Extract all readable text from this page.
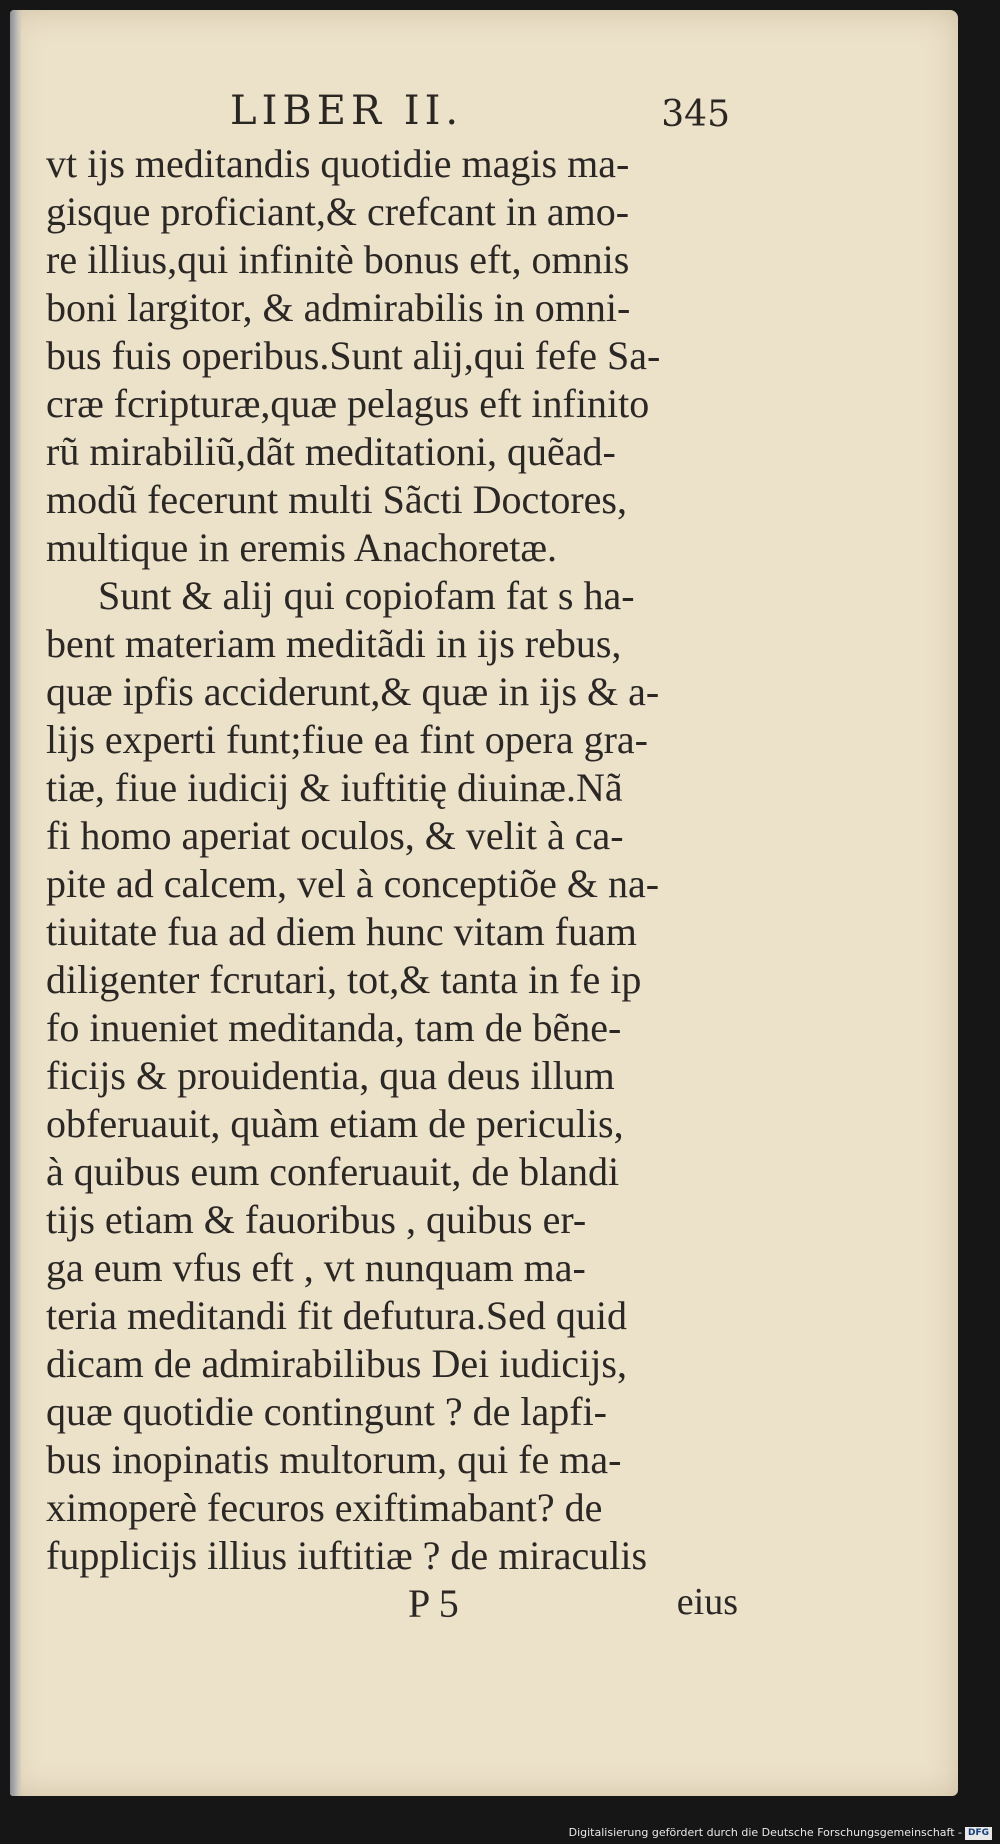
LIBER II.	345
vt ijs meditandis quotidie magis ma-
gisque proficiant,& crefcant in amo-
re illius,qui infinitè bonus eft, omnis
boni largitor, & admirabilis in omni-
bus fuis operibus.Sunt alij,qui fefe Sa-
cræ fcripturæ,quæ pelagus eft infinito
rũ mirabiliũ,dãt meditationi, quẽad-
modũ fecerunt multi Sãcti Doctores,
multique in eremis Anachoretæ.
Sunt & alij qui copiofam fat s ha-
bent materiam meditãdi in ijs rebus,
quæ ipfis acciderunt,& quæ in ijs & a-
lijs experti funt;fiue ea fint opera gra-
tiæ, fiue iudicij & iuftitię diuinæ.Nã
fi homo aperiat oculos, & velit à ca-
pite ad calcem, vel à conceptiõe & na-
tiuitate fua ad diem hunc vitam fuam
diligenter fcrutari, tot,& tanta in fe ip
fo inueniet meditanda, tam de bẽne-
ficijs & prouidentia, qua deus illum
obferuauit, quàm etiam de periculis,
à quibus eum conferuauit, de blandi
tijs etiam & fauoribus , quibus er-
ga eum vfus eft , vt nunquam ma-
teria meditandi fit defutura.Sed quid
dicam de admirabilibus Dei iudicijs,
quæ quotidie contingunt ? de lapfi-
bus inopinatis multorum, qui fe ma-
ximoperè fecuros exiftimabant? de
fupplicijs illius iuftitiæ ? de miraculis
P 5	eius
Digitalisierung gefördert durch die Deutsche Forschungsgemeinschaft - DFG
